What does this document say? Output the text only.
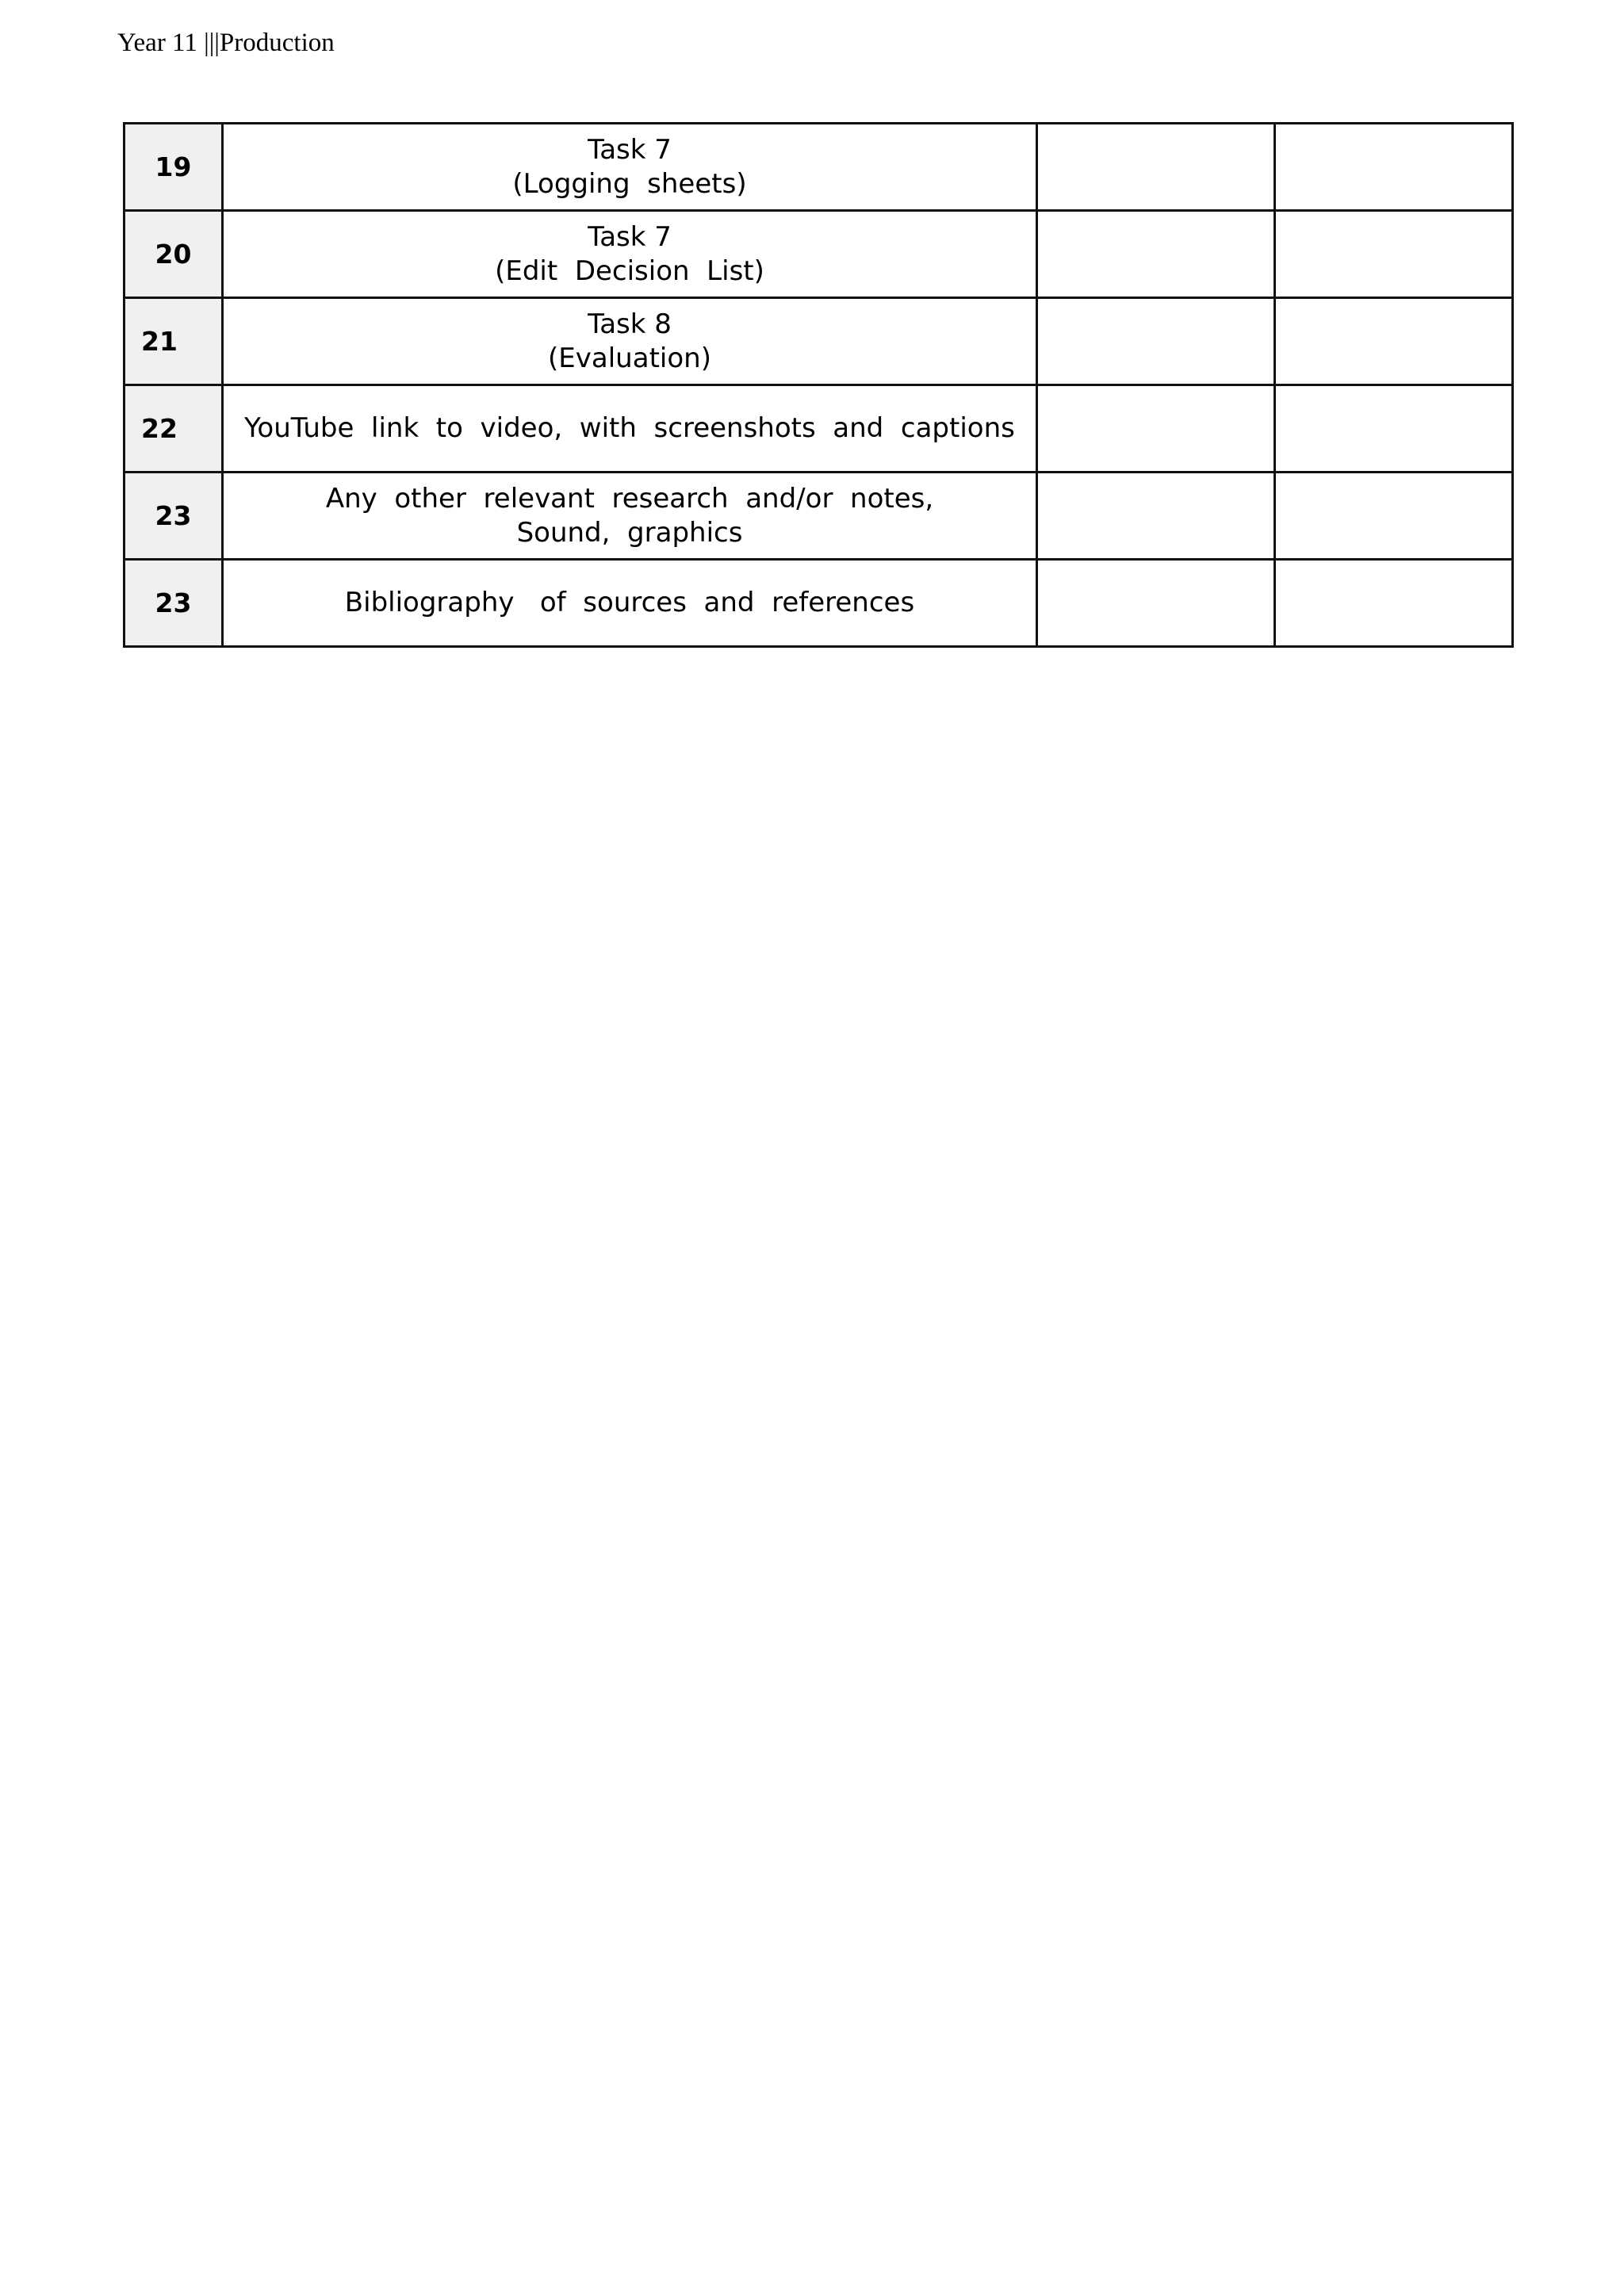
Year 11 |||Production
19	Task 7
(Logging  sheets)		

20	Task 7
(Edit  Decision  List)		

21	Task 8
(Evaluation)		

22	YouTube  link  to  video,  with  screenshots  and  captions		

23	Any  other  relevant  research  and/or  notes,
Sound,  graphics		

23	Bibliography   of  sources  and  references		
